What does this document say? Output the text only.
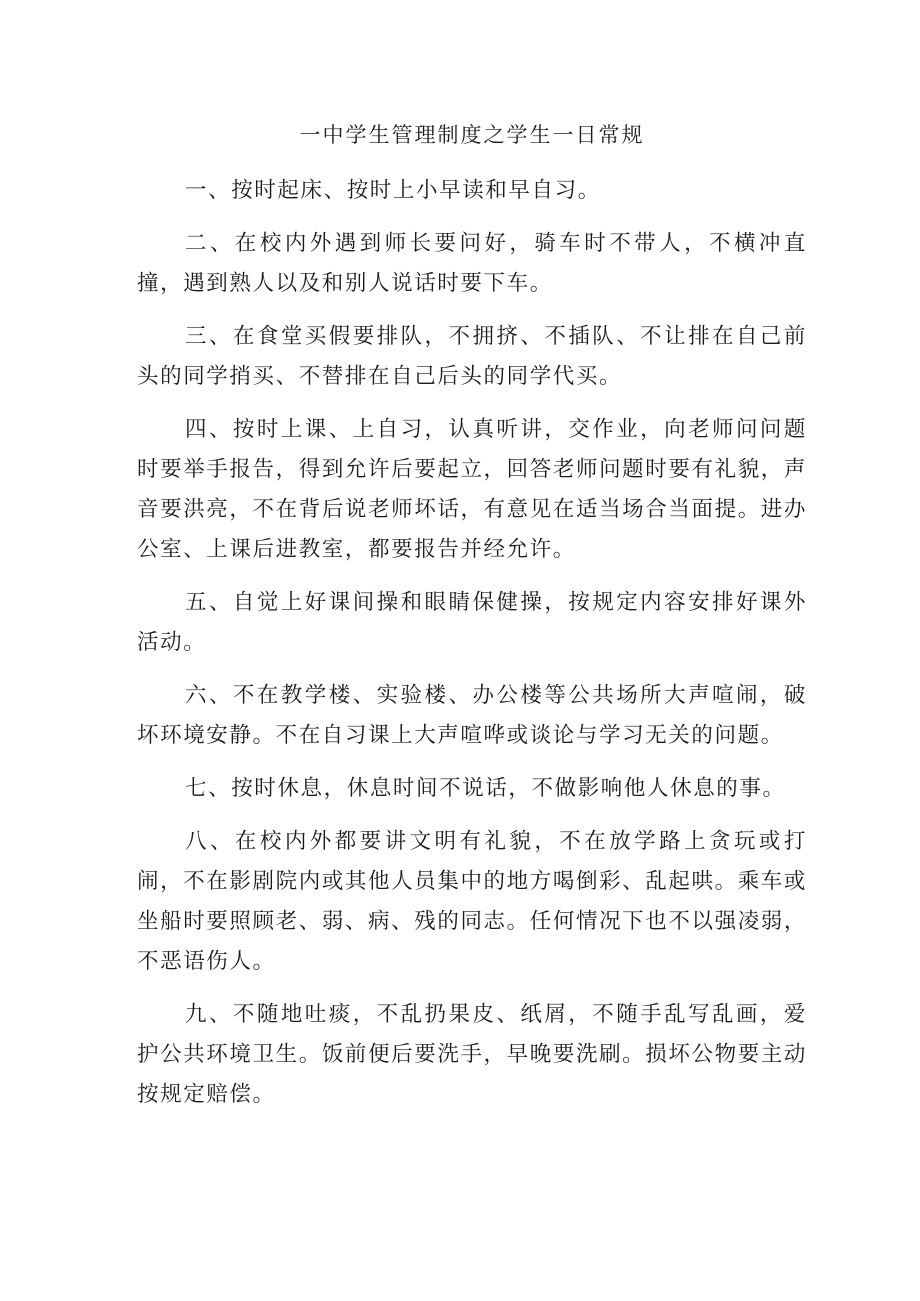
一中学生管理制度之学生一日常规

一、按时起床、按时上小早读和早自习。

二、在校内外遇到师长要问好，骑车时不带人，不横冲直撞，遇到熟人以及和别人说话时要下车。

三、在食堂买假要排队，不拥挤、不插队、不让排在自己前头的同学捎买、不替排在自己后头的同学代买。

四、按时上课、上自习，认真听讲，交作业，向老师问问题时要举手报告，得到允许后要起立，回答老师问题时要有礼貌，声音要洪亮，不在背后说老师坏话，有意见在适当场合当面提。进办公室、上课后进教室，都要报告并经允许。

五、自觉上好课间操和眼睛保健操，按规定内容安排好课外活动。

六、不在教学楼、实验楼、办公楼等公共场所大声喧闹，破坏环境安静。不在自习课上大声喧哗或谈论与学习无关的问题。

七、按时休息，休息时间不说话，不做影响他人休息的事。

八、在校内外都要讲文明有礼貌，不在放学路上贪玩或打闹，不在影剧院内或其他人员集中的地方喝倒彩、乱起哄。乘车或坐船时要照顾老、弱、病、残的同志。任何情况下也不以强凌弱，不恶语伤人。

九、不随地吐痰，不乱扔果皮、纸屑，不随手乱写乱画，爱护公共环境卫生。饭前便后要洗手，早晚要洗刷。损坏公物要主动按规定赔偿。
